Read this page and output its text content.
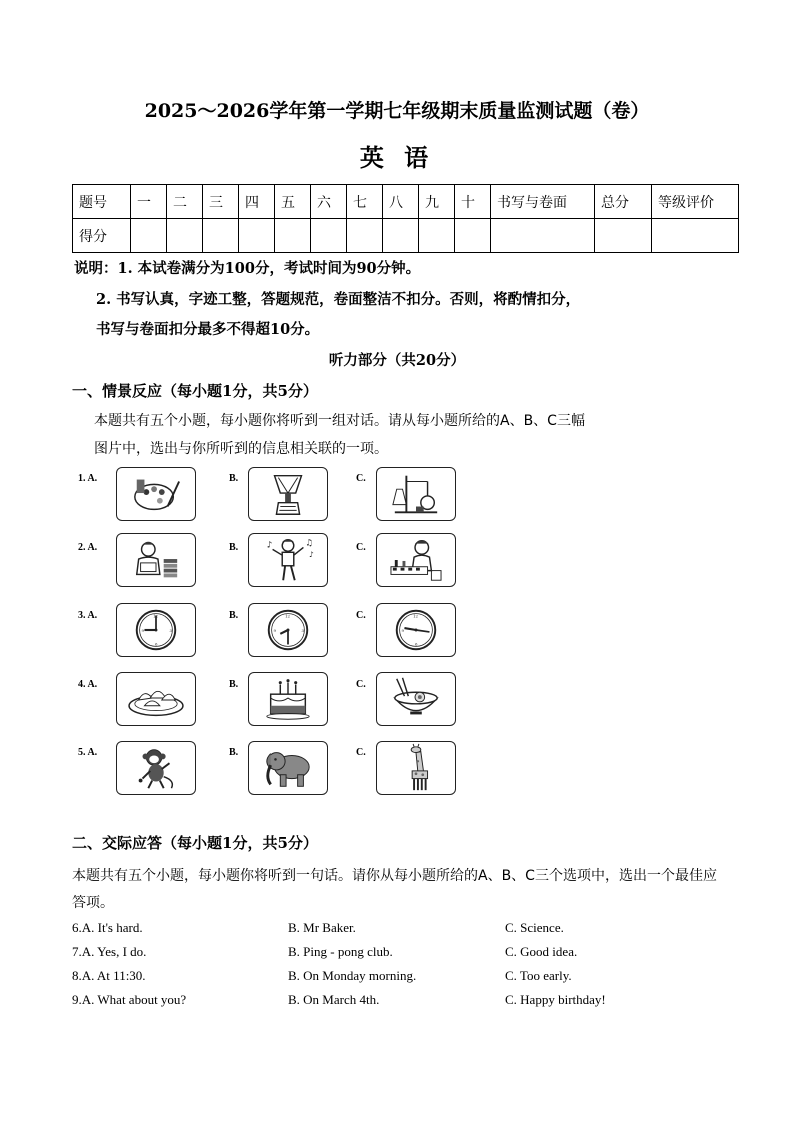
2025～2026学年第一学期七年级期末质量监测试题（卷）
英 语
题号	一	二	三	四	五	六	七	八	九	十	书写与卷面	总分	等级评价
得分													
说明：1. 本试卷满分为100分，考试时间为90分钟。
2. 书写认真，字迹工整，答题规范，卷面整洁不扣分。否则，将酌情扣分，
书写与卷面扣分最多不得超10分。
听力部分（共20分）
一、情景反应（每小题1分，共5分）
本题共有五个小题，每小题你将听到一组对话。请从每小题所给的A、B、C三幅
图片中，选出与你所听到的信息相关联的一项。
1. A.	B.	C.
2. A.	B.	♪	♫
♪
C.
3. A.	12
3
6
9
B.	12
3
9
C.	12
6
9
4. A.	B.	C.
5. A.	B.	C.
二、交际应答（每小题1分，共5分）
本题共有五个小题，每小题你将听到一句话。请你从每小题所给的A、B、C三个选项中，选出一个最佳应
答项。
6.A. It's hard.	B. Mr Baker.	C. Science.
7.A. Yes, I do.	B. Ping - pong club.	C. Good idea.
8.A. At 11:30.	B. On Monday morning.	C. Too early.
9.A. What about you?	B. On March 4th.	C. Happy birthday!
